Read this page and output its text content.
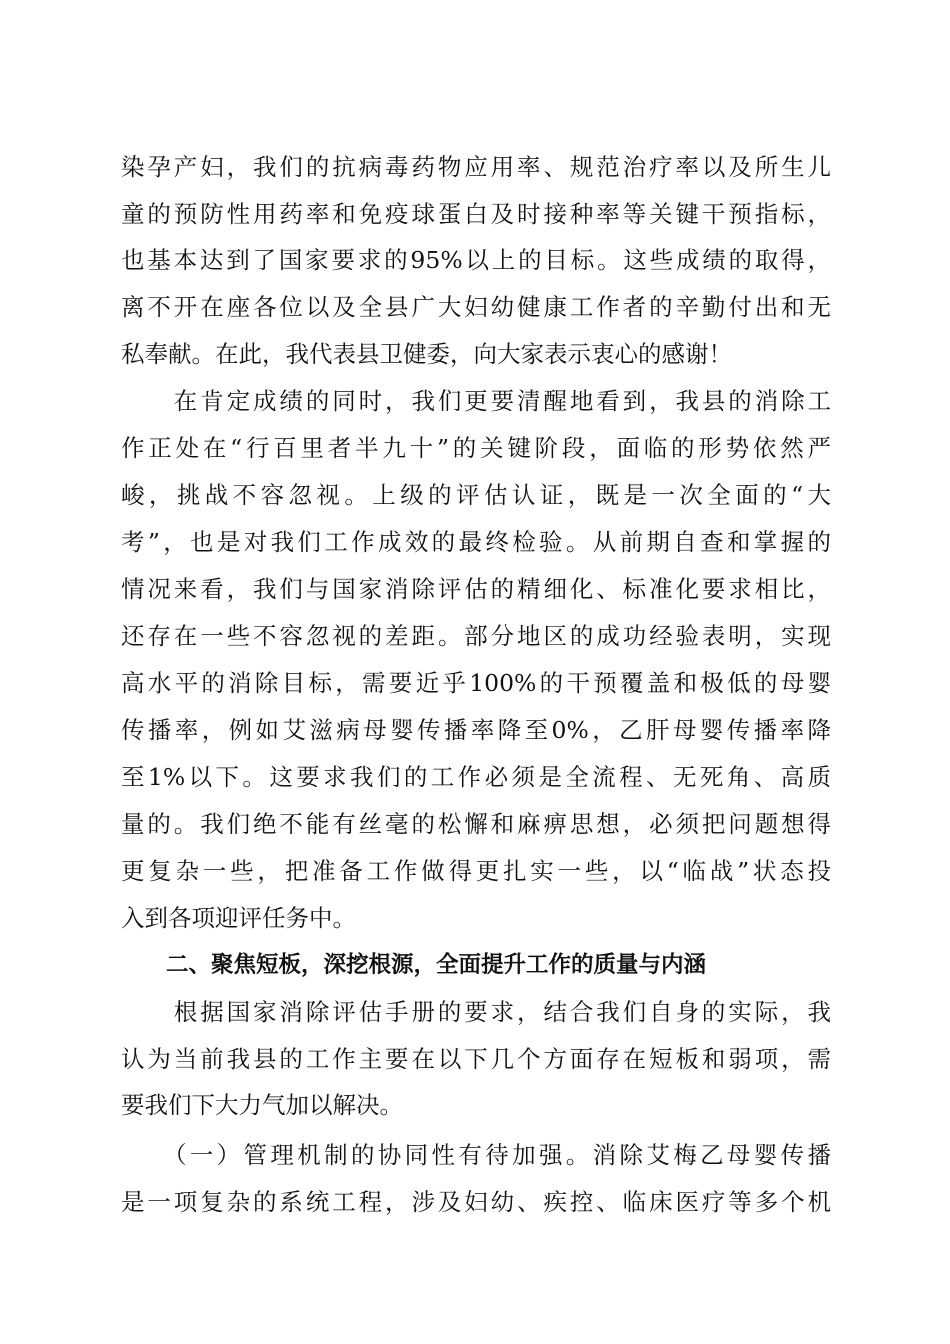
染孕产妇，我们的抗病毒药物应用率、规范治疗率以及所生儿
童的预防性用药率和免疫球蛋白及时接种率等关键干预指标，
也基本达到了国家要求的95%以上的目标。这些成绩的取得，
离不开在座各位以及全县广大妇幼健康工作者的辛勤付出和无
私奉献。在此，我代表县卫健委，向大家表示衷心的感谢！
　　在肯定成绩的同时，我们更要清醒地看到，我县的消除工
作正处在“行百里者半九十”的关键阶段，面临的形势依然严
峻，挑战不容忽视。上级的评估认证，既是一次全面的“大
考”，也是对我们工作成效的最终检验。从前期自查和掌握的
情况来看，我们与国家消除评估的精细化、标准化要求相比，
还存在一些不容忽视的差距。部分地区的成功经验表明，实现
高水平的消除目标，需要近乎100%的干预覆盖和极低的母婴
传播率，例如艾滋病母婴传播率降至0%，乙肝母婴传播率降
至1%以下。这要求我们的工作必须是全流程、无死角、高质
量的。我们绝不能有丝毫的松懈和麻痹思想，必须把问题想得
更复杂一些，把准备工作做得更扎实一些，以“临战”状态投
入到各项迎评任务中。
　　二、聚焦短板，深挖根源，全面提升工作的质量与内涵
　　根据国家消除评估手册的要求，结合我们自身的实际，我
认为当前我县的工作主要在以下几个方面存在短板和弱项，需
要我们下大力气加以解决。
　　（一）管理机制的协同性有待加强。消除艾梅乙母婴传播
是一项复杂的系统工程，涉及妇幼、疾控、临床医疗等多个机
